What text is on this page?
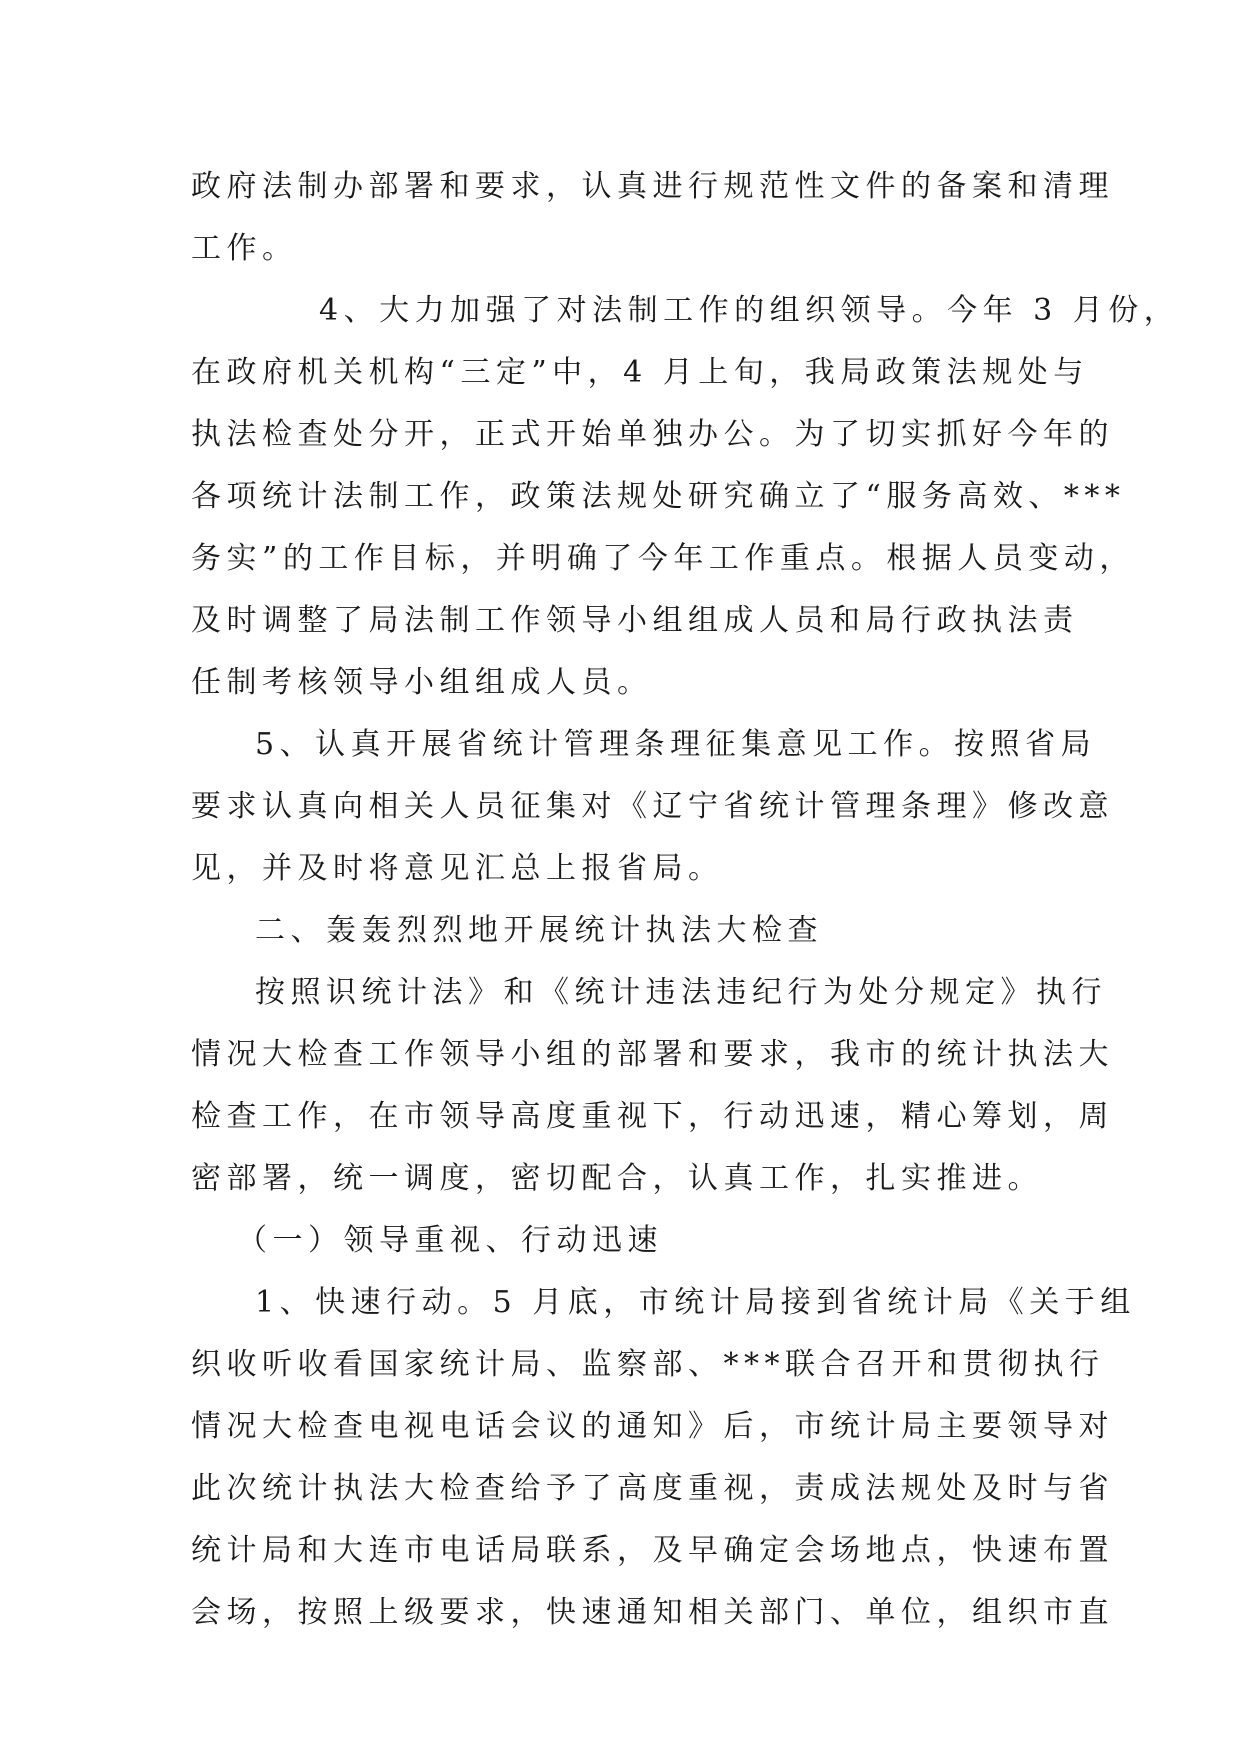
政府法制办部署和要求，认真进行规范性文件的备案和清理
工作。

4、大力加强了对法制工作的组织领导。今年 3 月份，
在政府机关机构“三定”中，4 月上旬，我局政策法规处与
执法检查处分开，正式开始单独办公。为了切实抓好今年的
各项统计法制工作，政策法规处研究确立了“服务高效、***
务实”的工作目标，并明确了今年工作重点。根据人员变动，
及时调整了局法制工作领导小组组成人员和局行政执法责
任制考核领导小组组成人员。

5、认真开展省统计管理条理征集意见工作。按照省局
要求认真向相关人员征集对《辽宁省统计管理条理》修改意
见，并及时将意见汇总上报省局。

二、轰轰烈烈地开展统计执法大检查

按照识统计法》和《统计违法违纪行为处分规定》执行
情况大检查工作领导小组的部署和要求，我市的统计执法大
检查工作，在市领导高度重视下，行动迅速，精心筹划，周
密部署，统一调度，密切配合，认真工作，扎实推进。

（一）领导重视、行动迅速

1、快速行动。5 月底，市统计局接到省统计局《关于组
织收听收看国家统计局、监察部、***联合召开和贯彻执行
情况大检查电视电话会议的通知》后，市统计局主要领导对
此次统计执法大检查给予了高度重视，责成法规处及时与省
统计局和大连市电话局联系，及早确定会场地点，快速布置
会场，按照上级要求，快速通知相关部门、单位，组织市直
